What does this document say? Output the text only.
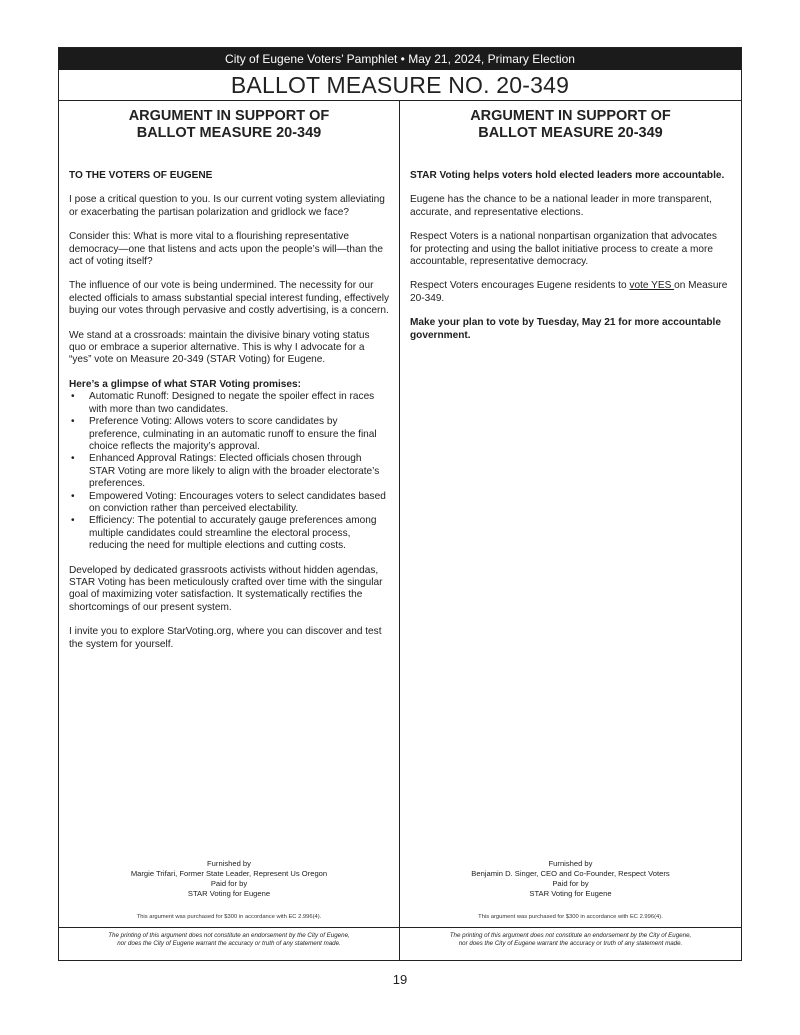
City of Eugene Voters’ Pamphlet • May 21, 2024, Primary Election
BALLOT MEASURE NO. 20-349
ARGUMENT IN SUPPORT OF
BALLOT MEASURE 20-349

TO THE VOTERS OF EUGENE

I pose a critical question to you. Is our current voting system alleviating or exacerbating the partisan polarization and gridlock we face?

Consider this: What is more vital to a flourishing representative democracy—one that listens and acts upon the people’s will—than the act of voting itself?

The influence of our vote is being undermined. The necessity for our elected officials to amass substantial special interest funding, effectively buying our votes through pervasive and costly advertising, is a concern.

We stand at a crossroads: maintain the divisive binary voting status quo or embrace a superior alternative. This is why I advocate for a “yes” vote on Measure 20-349 (STAR Voting) for Eugene.

Here’s a glimpse of what STAR Voting promises:
• Automatic Runoff: Designed to negate the spoiler effect in races with more than two candidates.
• Preference Voting: Allows voters to score candidates by preference, culminating in an automatic runoff to ensure the final choice reflects the majority’s approval.
• Enhanced Approval Ratings: Elected officials chosen through STAR Voting are more likely to align with the broader electorate’s preferences.
• Empowered Voting: Encourages voters to select candidates based on conviction rather than perceived electability.
• Efficiency: The potential to accurately gauge preferences among multiple candidates could streamline the electoral process, reducing the need for multiple elections and cutting costs.

Developed by dedicated grassroots activists without hidden agendas, STAR Voting has been meticulously crafted over time with the singular goal of maximizing voter satisfaction. It systematically rectifies the shortcomings of our present system.

I invite you to explore StarVoting.org, where you can discover and test the system for yourself.

Furnished by
Margie Trifari, Former State Leader, Represent Us Oregon
Paid for by
STAR Voting for Eugene
This argument was purchased for $300 in accordance with EC 2.996(4).
The printing of this argument does not constitute an endorsement by the City of Eugene,
nor does the City of Eugene warrant the accuracy or truth of any statement made.
ARGUMENT IN SUPPORT OF
BALLOT MEASURE 20-349

STAR Voting helps voters hold elected leaders more accountable.

Eugene has the chance to be a national leader in more transparent, accurate, and representative elections.

Respect Voters is a national nonpartisan organization that advocates for protecting and using the ballot initiative process to create a more accountable, representative democracy.

Respect Voters encourages Eugene residents to vote YES on Measure 20-349.

Make your plan to vote by Tuesday, May 21 for more accountable government.

Furnished by
Benjamin D. Singer, CEO and Co-Founder, Respect Voters
Paid for by
STAR Voting for Eugene
This argument was purchased for $300 in accordance with EC 2.996(4).
The printing of this argument does not constitute an endorsement by the City of Eugene,
nor does the City of Eugene warrant the accuracy or truth of any statement made.
19
